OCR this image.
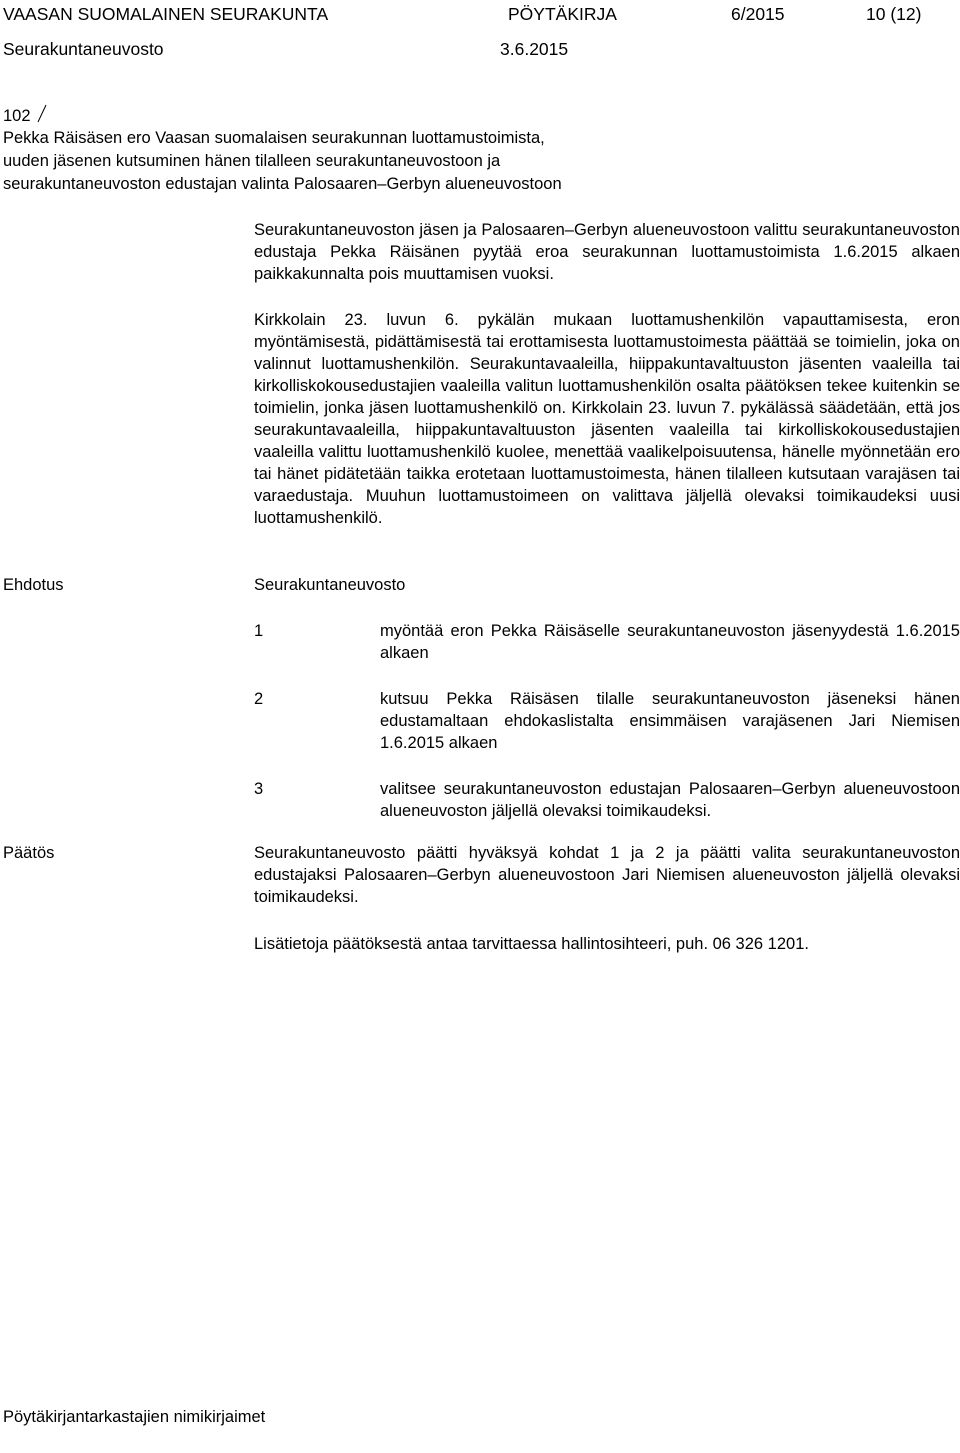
VAASAN SUOMALAINEN SEURAKUNTA	PÖYTÄKIRJA	6/2015	10 (12)
Seurakuntaneuvosto	3.6.2015
102
Pekka Räisäsen ero Vaasan suomalaisen seurakunnan luottamustoimista,
uuden jäsenen kutsuminen hänen tilalleen seurakuntaneuvostoon ja
seurakuntaneuvoston edustajan valinta Palosaaren–Gerbyn alueneuvostoon

Seurakuntaneuvoston jäsen ja Palosaaren–Gerbyn alueneuvostoon valittu seurakuntaneuvoston edustaja Pekka Räisänen pyytää eroa seurakunnan luottamustoimista 1.6.2015 alkaen paikkakunnalta pois muuttamisen vuoksi.

Kirkkolain 23. luvun 6. pykälän mukaan luottamushenkilön vapauttamisesta, eron myöntämisestä, pidättämisestä tai erottamisesta luottamustoimesta päättää se toimielin, joka on valinnut luottamushenkilön. Seurakuntavaaleilla, hiippakuntavaltuuston jäsenten vaaleilla tai kirkolliskokousedustajien vaaleilla valitun luottamushenkilön osalta päätöksen tekee kuitenkin se toimielin, jonka jäsen luottamushenkilö on. Kirkkolain 23. luvun 7. pykälässä säädetään, että jos seurakuntavaaleilla, hiippakuntavaltuuston jäsenten vaaleilla tai kirkolliskokousedustajien vaaleilla valittu luottamushenkilö kuolee, menettää vaalikelpoisuutensa, hänelle myönnetään ero tai hänet pidätetään taikka erotetaan luottamustoimesta, hänen tilalleen kutsutaan varajäsen tai varaedustaja. Muuhun luottamustoimeen on valittava jäljellä olevaksi toimikaudeksi uusi luottamushenkilö.

Ehdotus	Seurakuntaneuvosto
1	myöntää eron Pekka Räisäselle seurakuntaneuvoston jäsenyydestä 1.6.2015 alkaen
2	kutsuu Pekka Räisäsen tilalle seurakuntaneuvoston jäseneksi hänen edustamaltaan ehdokaslistalta ensimmäisen varajäsenen Jari Niemisen 1.6.2015 alkaen
3	valitsee seurakuntaneuvoston edustajan Palosaaren–Gerbyn alueneuvostoon alueneuvoston jäljellä olevaksi toimikaudeksi.
Päätös	Seurakuntaneuvosto päätti hyväksyä kohdat 1 ja 2 ja päätti valita seurakuntaneuvoston edustajaksi Palosaaren–Gerbyn alueneuvostoon Jari Niemisen alueneuvoston jäljellä olevaksi toimikaudeksi.

Lisätietoja päätöksestä antaa tarvittaessa hallintosihteeri, puh. 06 326 1201.
Pöytäkirjantarkastajien nimikirjaimet
